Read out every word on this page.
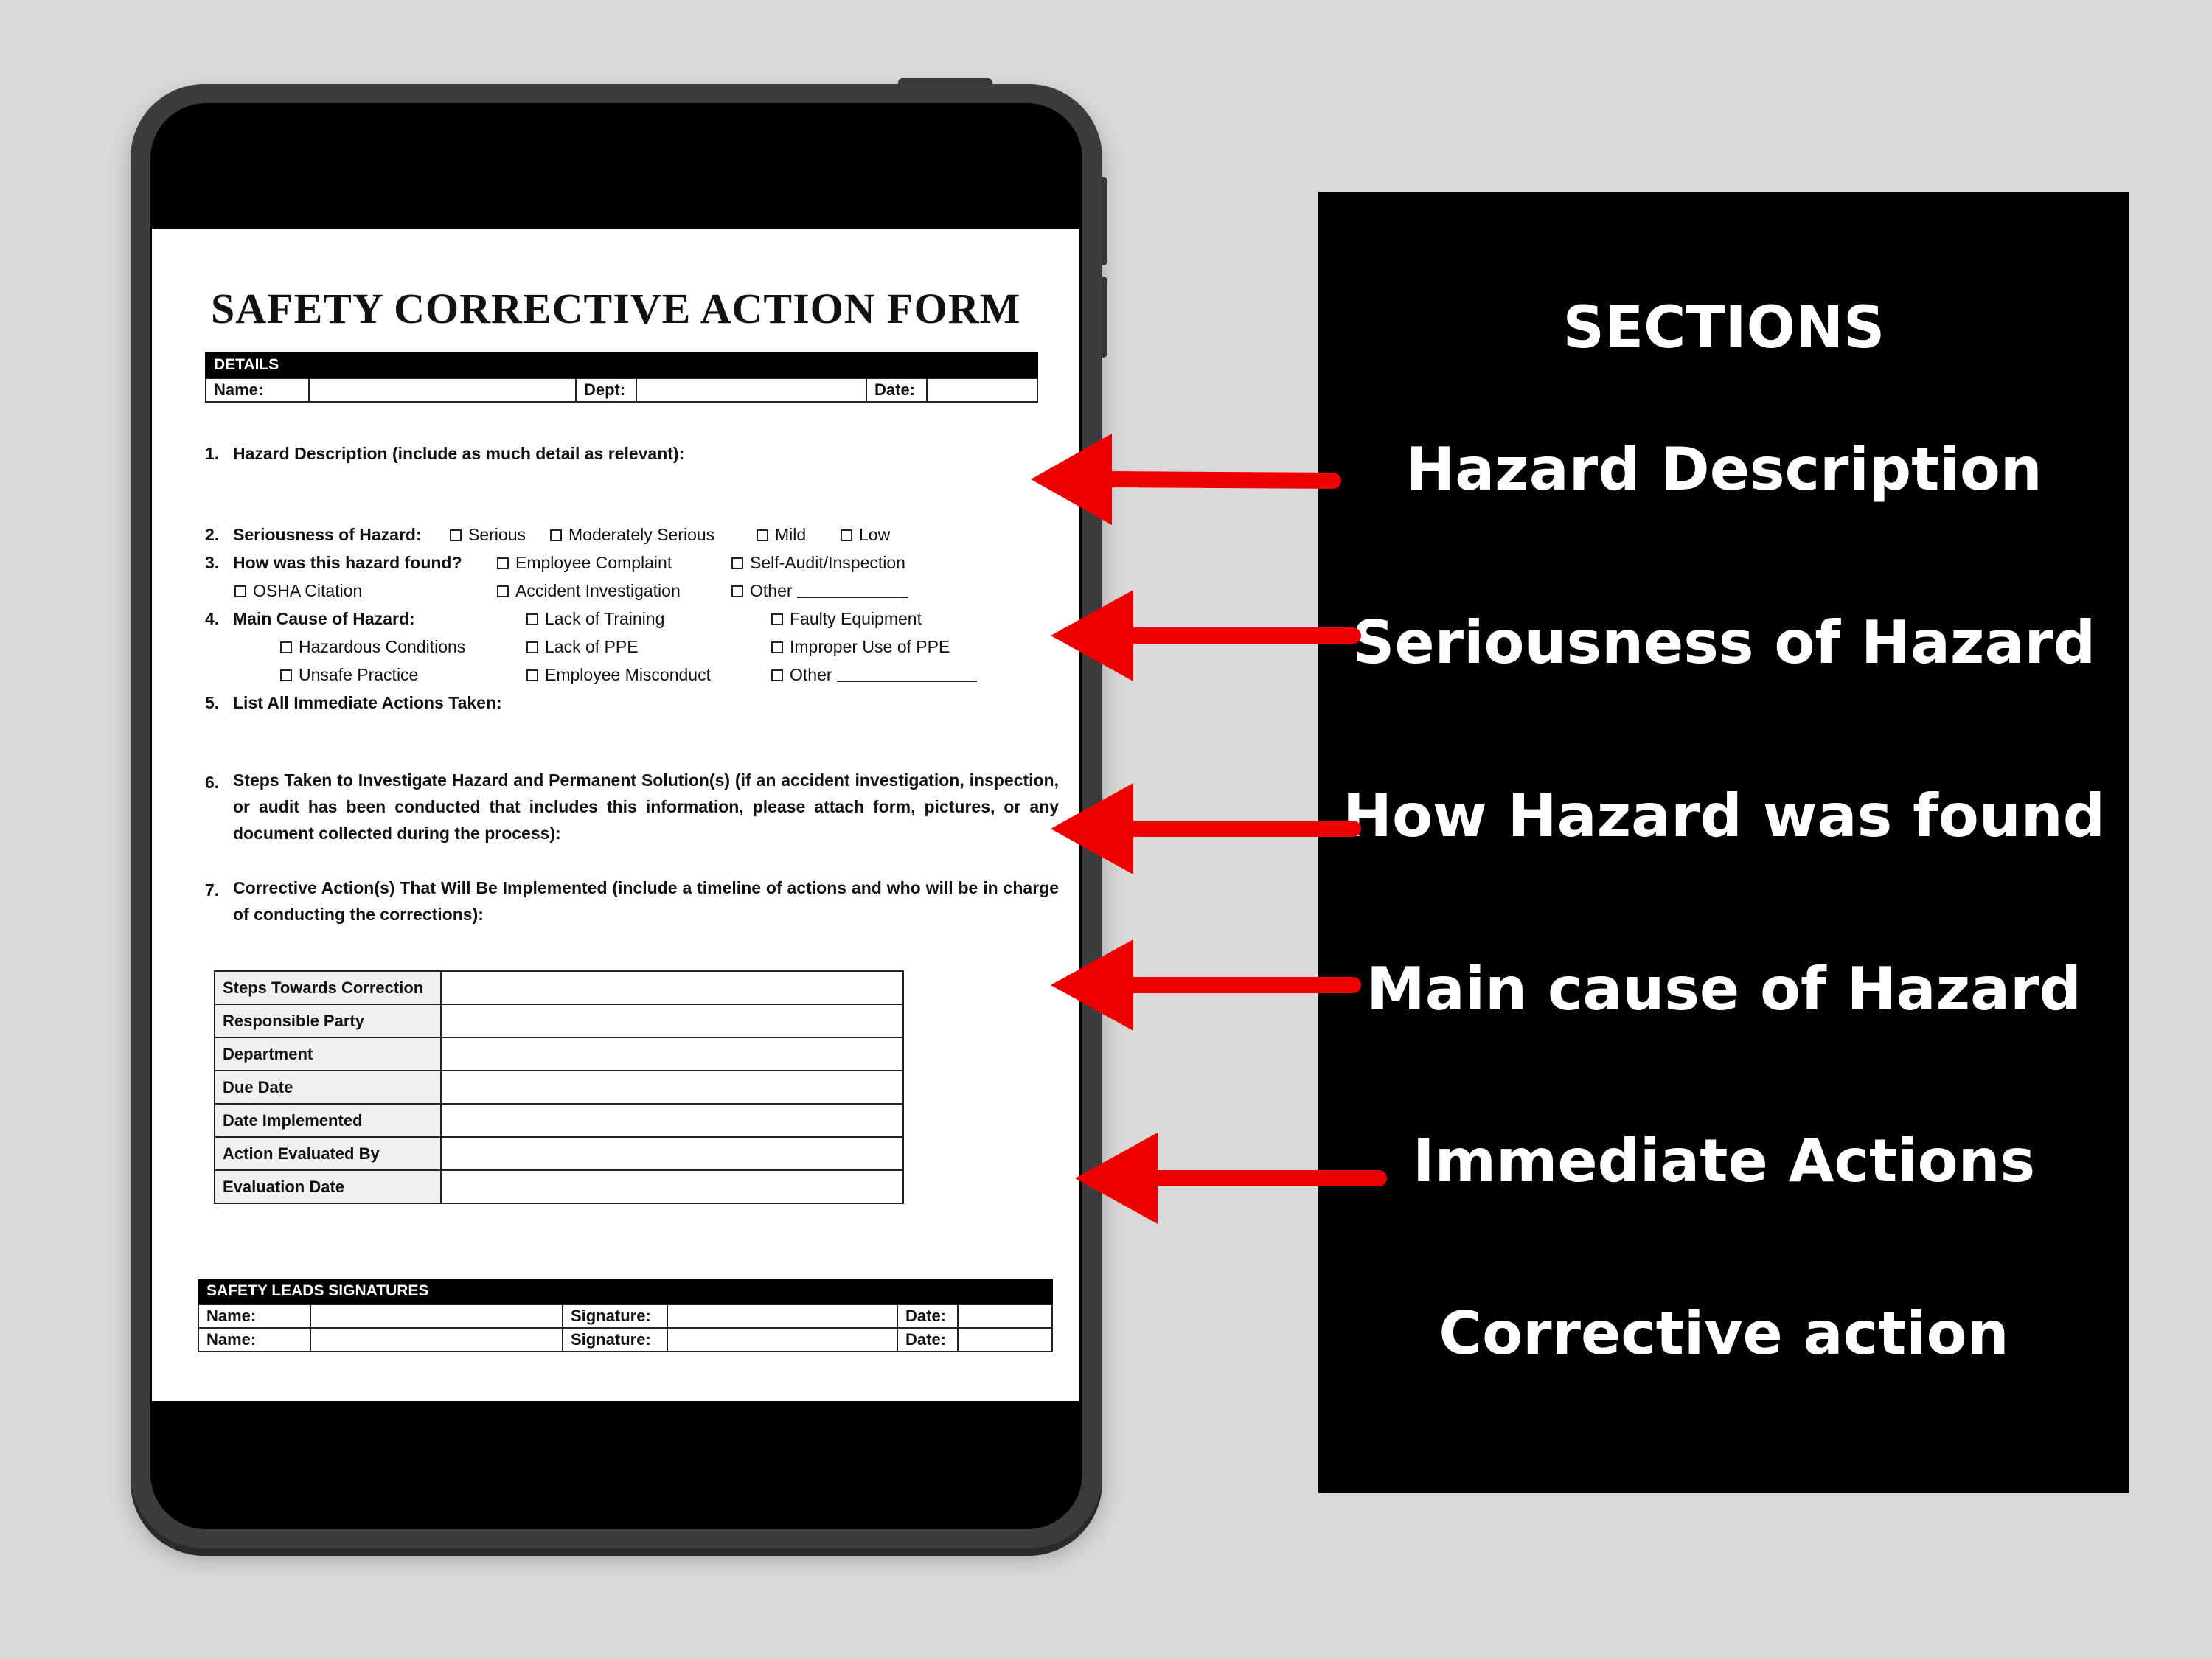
SAFETY CORRECTIVE ACTION FORM
DETAILS
Name:		Dept:		Date:	
1. Hazard Description (include as much detail as relevant):
2. Seriousness of Hazard:	Serious	Moderately Serious	Mild	Low
3. How was this hazard found?	Employee Complaint	Self-Audit/Inspection
OSHA Citation	Accident Investigation	Other
4. Main Cause of Hazard:	Lack of Training	Faulty Equipment
Hazardous Conditions	Lack of PPE	Improper Use of PPE
Unsafe Practice	Employee Misconduct	Other
5. List All Immediate Actions Taken:
6. Steps Taken to Investigate Hazard and Permanent Solution(s) (if an accident investigation, inspection, or audit has been conducted that includes this information, please attach form, pictures, or any document collected during the process):
7. Corrective Action(s) That Will Be Implemented (include a timeline of actions and who will be in charge of conducting the corrections):
Steps Towards Correction	
Responsible Party	
Department	
Due Date	
Date Implemented	
Action Evaluated By	
Evaluation Date	
SAFETY LEADS SIGNATURES
Name:		Signature:		Date:	
Name:		Signature:		Date:	
SECTIONS
Hazard Description
Seriousness of Hazard
How Hazard was found
Main cause of Hazard
Immediate Actions
Corrective action
